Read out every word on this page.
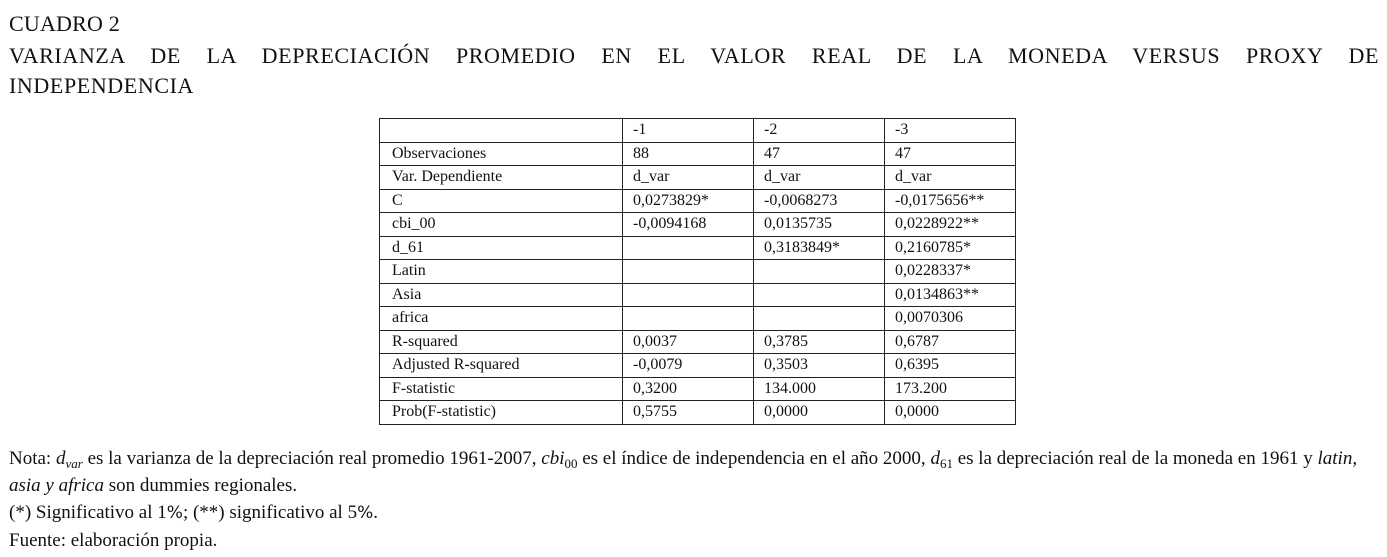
CUADRO 2
VARIANZA DE LA DEPRECIACIÓN PROMEDIO EN EL VALOR REAL DE LA MONEDA VERSUS PROXY DE INDEPENDENCIA
	-1	-2	-3
Observaciones	88	47	47
Var. Dependiente	d_var	d_var	d_var
C	0,0273829*	-0,0068273	-0,0175656**
cbi_00	-0,0094168	0,0135735	0,0228922**
d_61		0,3183849*	0,2160785*
Latin			0,0228337*
Asia			0,0134863**
africa			0,0070306
R-squared	0,0037	0,3785	0,6787
Adjusted R-squared	-0,0079	0,3503	0,6395
F-statistic	0,3200	134.000	173.200
Prob(F-statistic)	0,5755	0,0000	0,0000

Nota: $d_{var}$ es la varianza de la depreciación real promedio 1961-2007, cbi$_{00}$ es el índice de independencia en el año 2000, $d_{61}$ es la depreciación real de la moneda en 1961 y latin, asia y africa son dummies regionales.

(*) Significativo al 1%; (**) significativo al 5%.

Fuente: elaboración propia.
